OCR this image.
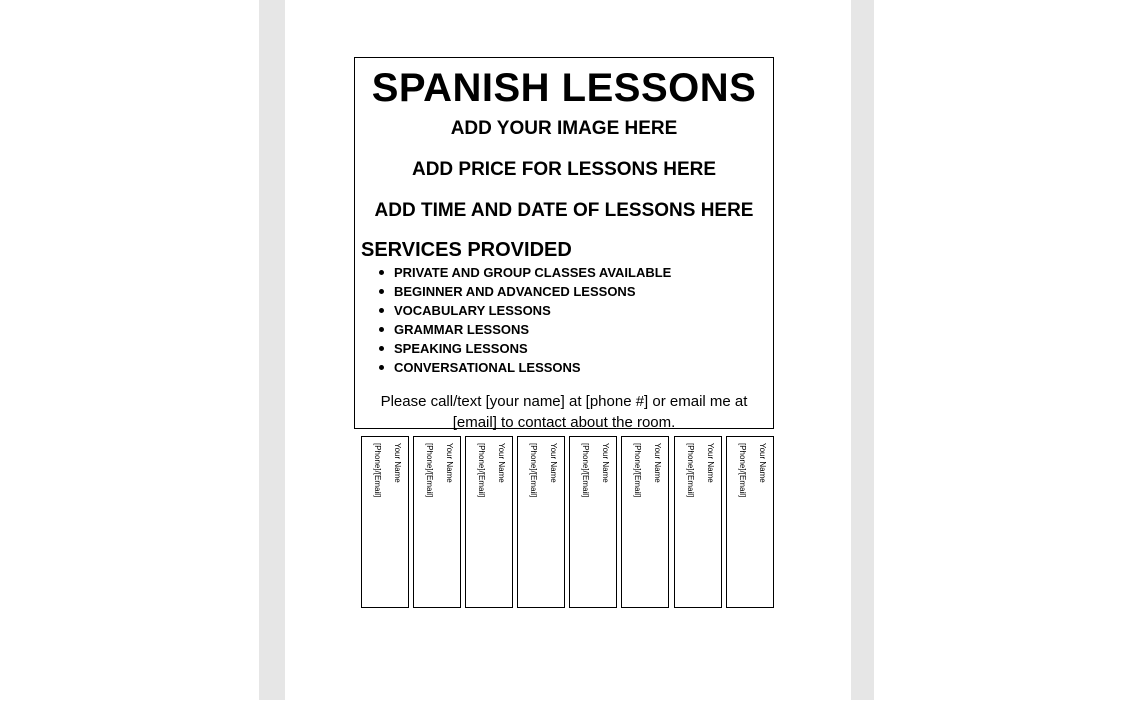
SPANISH LESSONS
ADD YOUR IMAGE HERE
ADD PRICE FOR LESSONS HERE
ADD TIME AND DATE OF LESSONS HERE
SERVICES PROVIDED
PRIVATE AND GROUP CLASSES AVAILABLE
BEGINNER AND ADVANCED LESSONS
VOCABULARY LESSONS
GRAMMAR LESSONS
SPEAKING LESSONS
CONVERSATIONAL LESSONS
Please call/text [your name] at [phone #] or email me at
[email] to contact about the room.
Your Name
[Phone]/[Email]	Your Name
[Phone]/[Email]	Your Name
[Phone]/[Email]	Your Name
[Phone]/[Email]	Your Name
[Phone]/[Email]	Your Name
[Phone]/[Email]	Your Name
[Phone]/[Email]	Your Name
[Phone]/[Email]
